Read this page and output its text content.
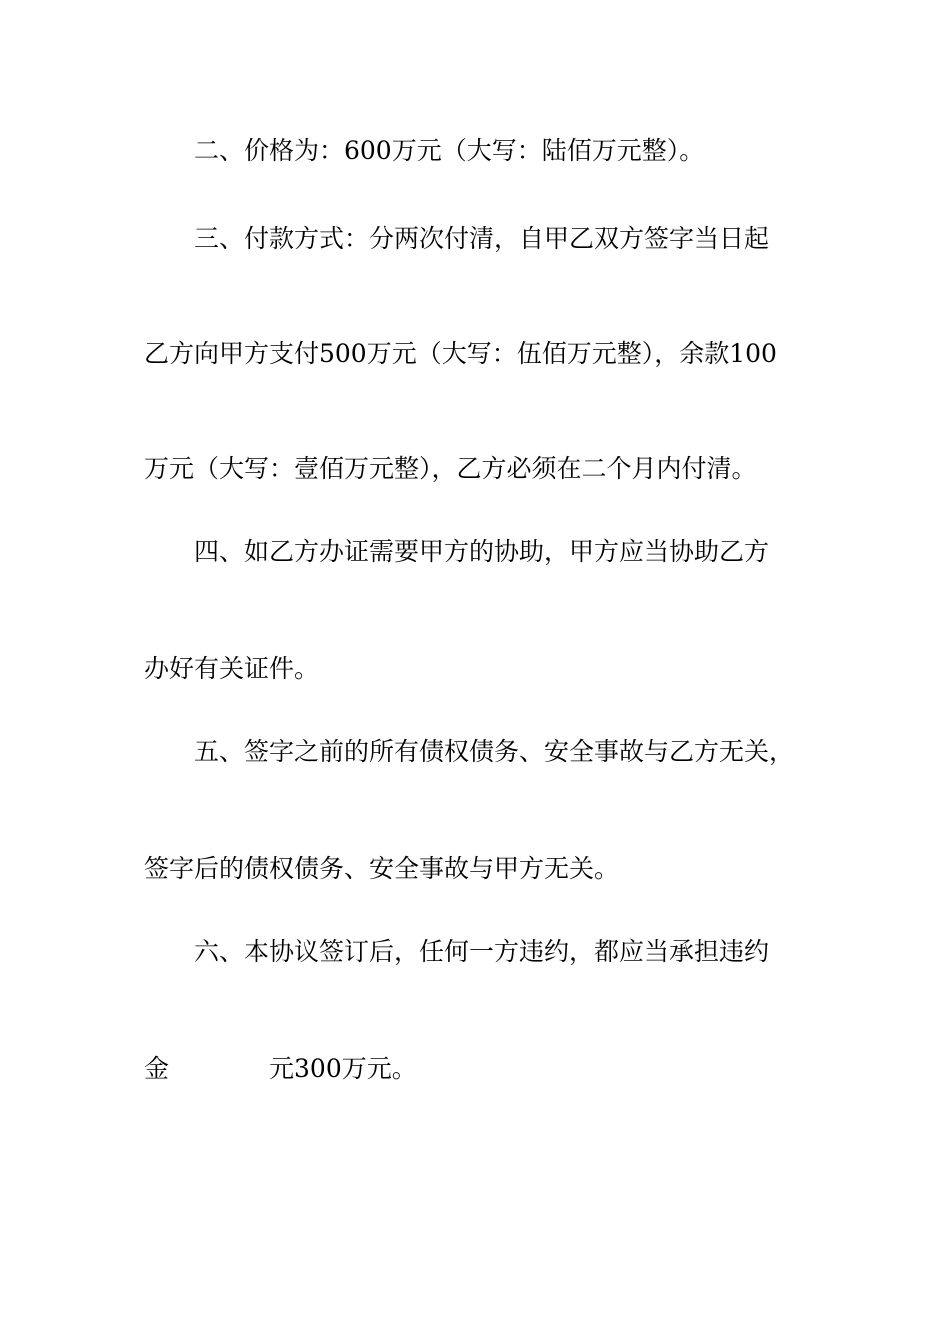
二、价格为：600万元（大写：陆佰万元整）。
三、付款方式：分两次付清，自甲乙双方签字当日起
乙方向甲方支付500万元（大写：伍佰万元整），余款100
万元（大写：壹佰万元整），乙方必须在二个月内付清。
四、如乙方办证需要甲方的协助，甲方应当协助乙方
办好有关证件。
五、签字之前的所有债权债务、安全事故与乙方无关，
签字后的债权债务、安全事故与甲方无关。
六、本协议签订后，任何一方违约，都应当承担违约
金	元300万元。
